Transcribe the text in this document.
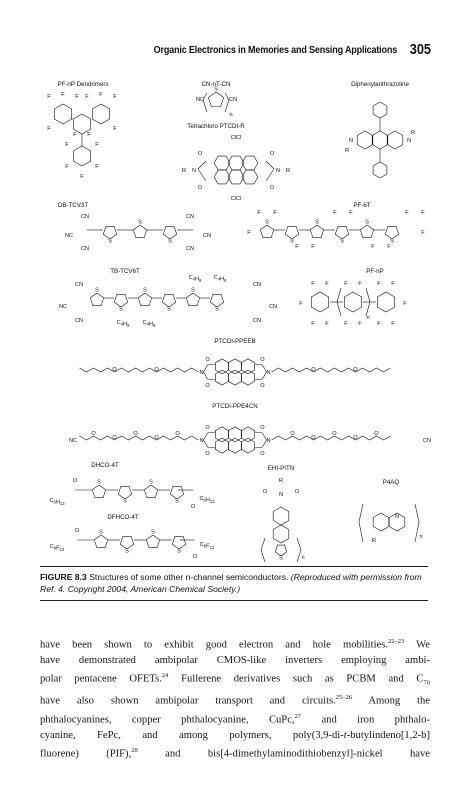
Organic Electronics in Memories and Sensing Applications 305
PF-nP Dendrimers
F	F
F
F	F	F
F
F
F	F
F	F
F
F F
CN-nT-CN
S
NC	CN
n
Tetrachloro PTCDI-R
ClCl
ClCl
N	N
R	R
O
O
O
O
Diphenylanthrazoline
N	N
R
R
DB-TCV3T
S
S
S
CN
NC
CN
CN
CN
CN
PF-6T
S
S
S
S
S
S
F	F
F F
F F
F F
F F
F F
TB-TCV6T
S
S
S
S
S
S
CN
NC
CN
CN
CN
CN
$C_4H_9$ $C_4H_9$
$C_4H_9$ $C_4H_9$
PF-nP
n
F F	F F	F F
F F	F F	F F
F	F
PTCDI-PPEEB
N	N
O
O
O
O
O
O	O	O
PTCDI-PPE4CN
N	N
O
O
O
O
O
O
O
O
O	O
O
O
O
O
NC	CN
DHCO-4T
S
S
S
S
$C_6H_{13}$
$C_6H_{13}$
O
O
DFHCO-4T
S
S
S
S
$C_6F_{13}$
$C_6F_{13}$
O
O
EHI-PITN
R
N
O	O
S	n
P4AQ
N
R
n
FIGURE 8.3 Structures of some other n-channel semiconductors. (Reproduced with permission from Ref. 4. Copyright 2004, American Chemical Society.)

have been shown to exhibit good electron and hole mobilities.$^{22-23}$ We

have demonstrated ambipolar CMOS-like inverters employing ambi-

polar pentacene OFETs.$^{24}$ Fullerene derivatives such as PCBM and $C_{70}$

have also shown ambipolar transport and circuits.$^{25-26}$ Among the

phthalocyanines, copper phthalocyanine, CuPc,$^{27}$ and iron phthalo-

cyanine, FePc, and among polymers, poly(3,9-di-t-butylindeno[1,2-b]

fluorene) (PIF),$^{28}$ and bis[4-dimethylaminodithiobenzyl]-nickel have
